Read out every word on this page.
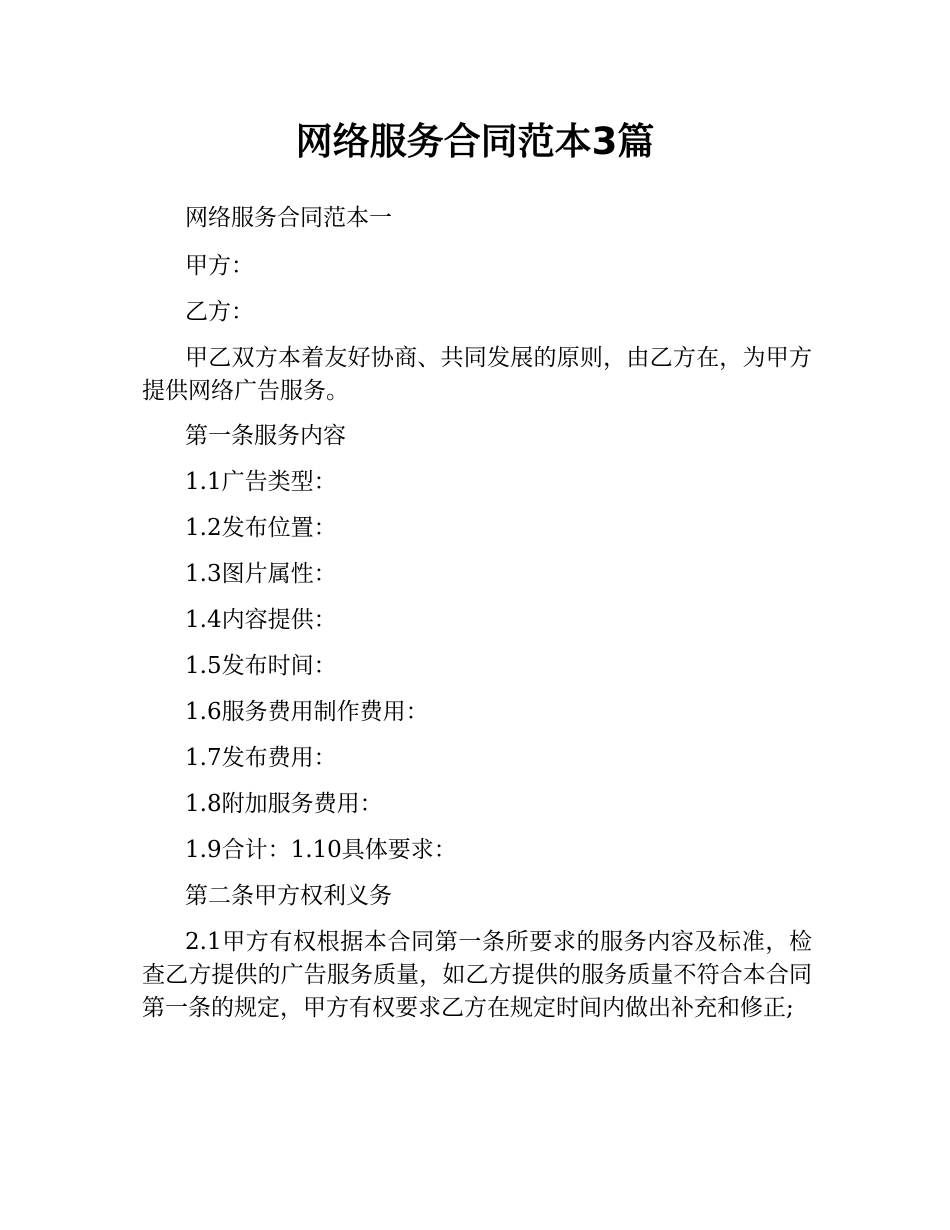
网络服务合同范本3篇

网络服务合同范本一

甲方：

乙方：

甲乙双方本着友好协商、共同发展的原则，由乙方在，为甲方提供网络广告服务。

第一条服务内容

1.1广告类型：

1.2发布位置：

1.3图片属性：

1.4内容提供：

1.5发布时间：

1.6服务费用制作费用：

1.7发布费用：

1.8附加服务费用：

1.9合计：1.10具体要求：

第二条甲方权利义务

2.1甲方有权根据本合同第一条所要求的服务内容及标准，检查乙方提供的广告服务质量，如乙方提供的服务质量不符合本合同第一条的规定，甲方有权要求乙方在规定时间内做出补充和修正;
